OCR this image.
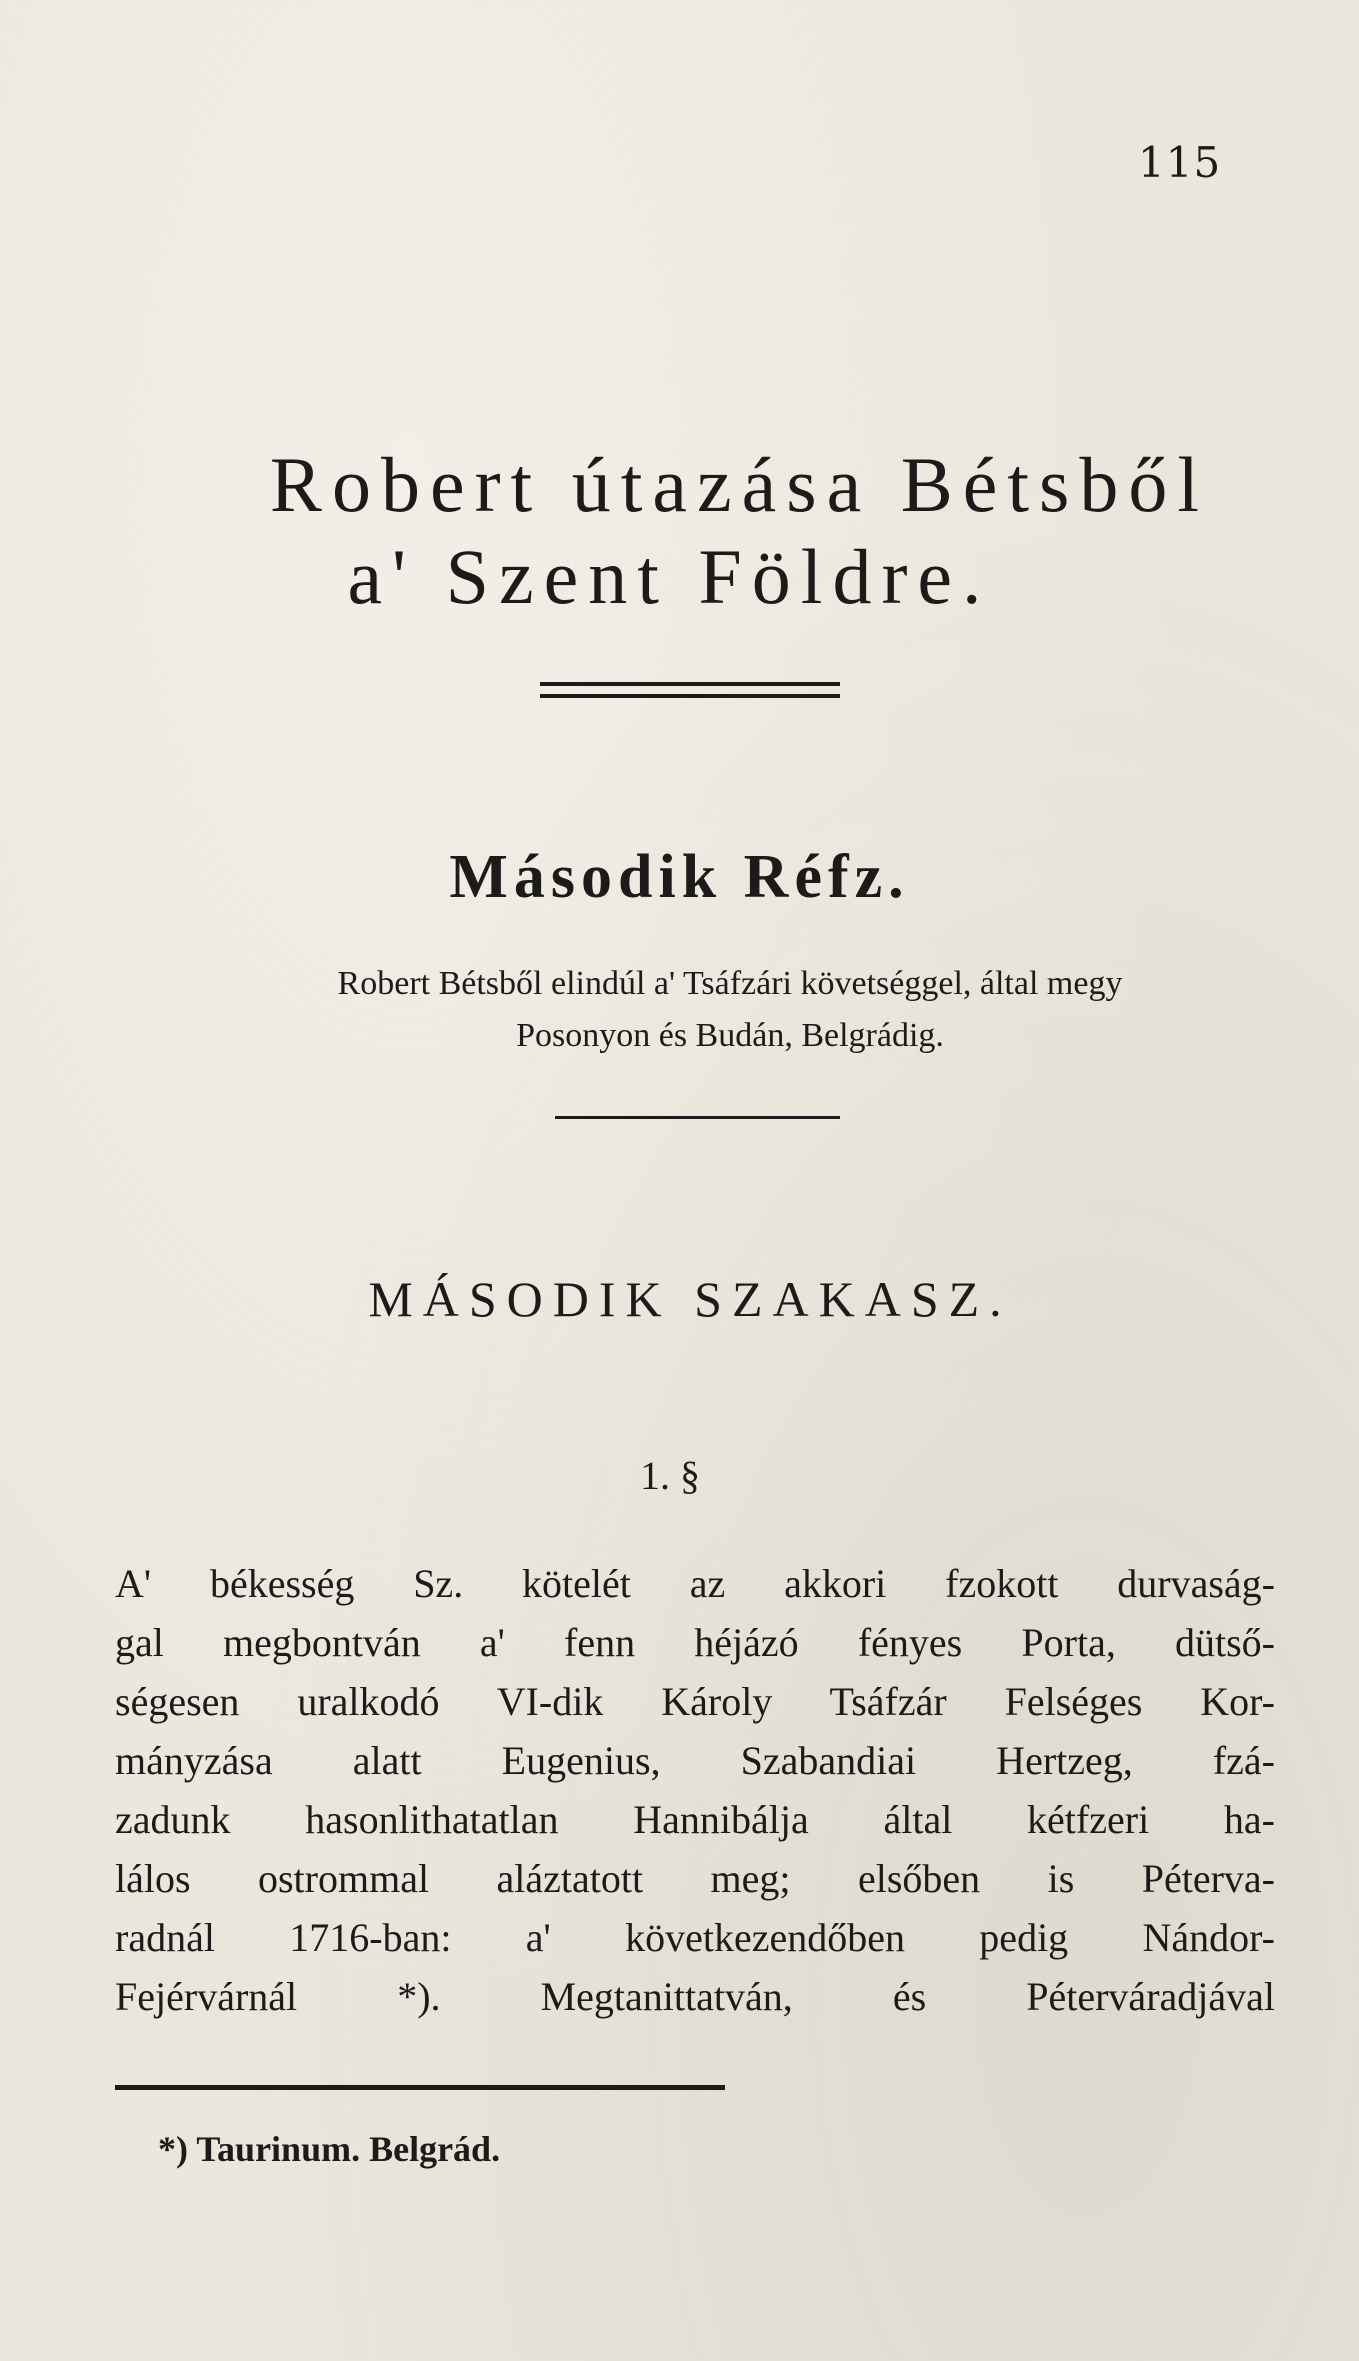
115
Robert útazása Bétsből
a' Szent Földre.
Második Réfz.
Robert Bétsből elindúl a' Tsáfzári követséggel, által megy
Posonyon és Budán, Belgrádig.
MÁSODIK SZAKASZ.
1. §
A' békesség Sz. kötelét az akkori fzokott durvaság-
gal megbontván a' fenn héjázó fényes Porta, dütső-
ségesen uralkodó VI-dik Károly Tsáfzár Felséges Kor-
mányzása alatt Eugenius, Szabandiai Hertzeg, fzá-
zadunk hasonlithatatlan Hannibálja által kétfzeri ha-
lálos ostrommal aláztatott meg; elsőben is Péterva-
radnál 1716-ban: a' következendőben pedig Nándor-
Fejérvárnál *). Megtanittatván, és Péterváradjával
*) Taurinum. Belgrád.
